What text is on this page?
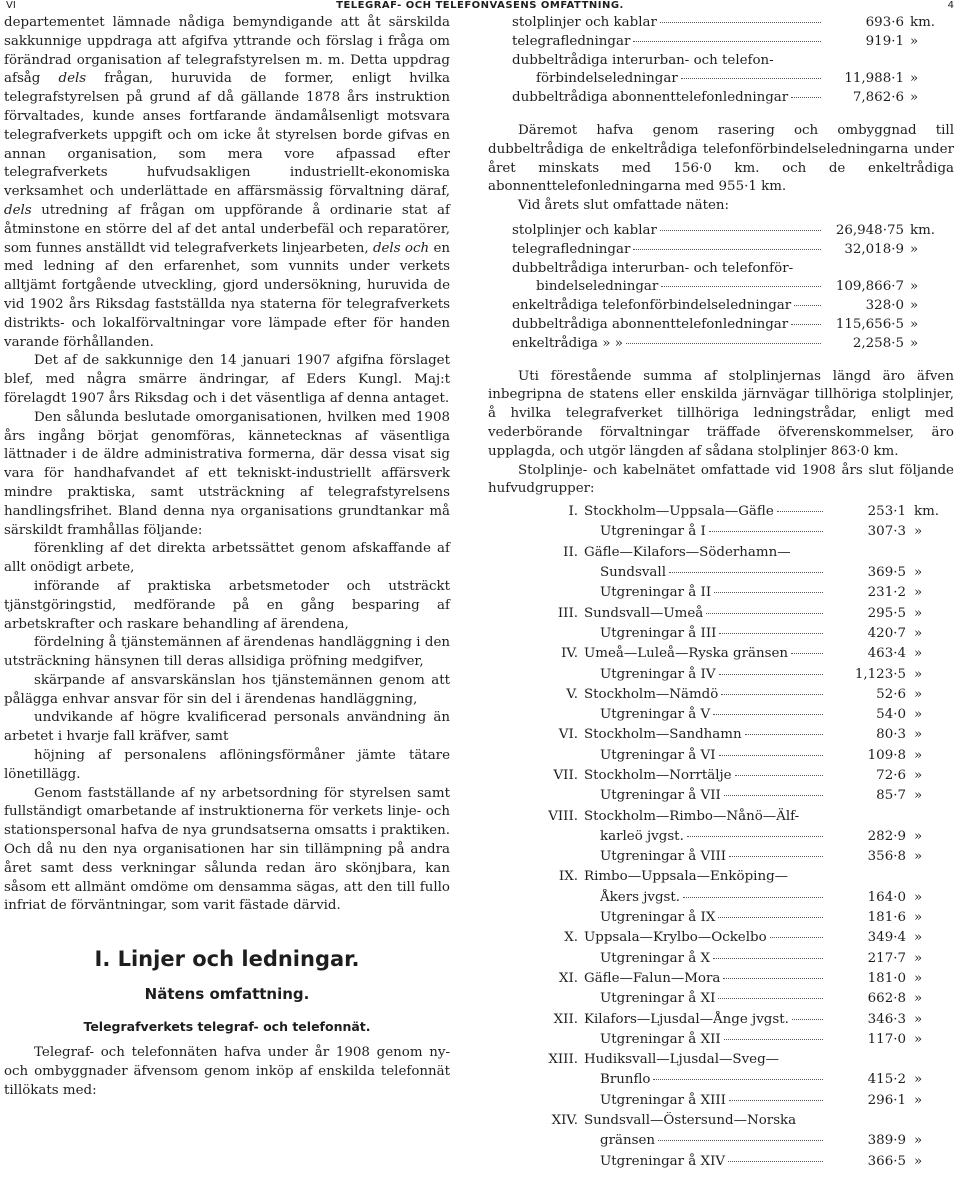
VI	TELEGRAF- OCH TELEFONVÄSENS OMFATTNING.	4

departementet lämnade nådiga bemyndigande att åt särskilda sakkunnige uppdraga att afgifva yttrande och förslag i fråga om förändrad organisation af telegrafstyrelsen m. m. Detta uppdrag afsåg dels frågan, huruvida de former, enligt hvilka telegrafstyrelsen på grund af då gällande 1878 års instruktion förvaltades, kunde anses fortfarande ändamålsenligt motsvara telegrafverkets uppgift och om icke åt styrelsen borde gifvas en annan organisation, som mera vore afpassad efter telegrafverkets hufvudsakligen industriellt-ekonomiska verksamhet och underlättade en affärsmässig förvaltning däraf, dels utredning af frågan om uppförande å ordinarie stat af åtminstone en större del af det antal underbefäl och reparatörer, som funnes anställdt vid telegrafverkets linjearbeten, dels och en med ledning af den erfarenhet, som vunnits under verkets alltjämt fortgående utveckling, gjord undersökning, huruvida de vid 1902 års Riksdag fastställda nya staterna för telegrafverkets distrikts- och lokalförvaltningar vore lämpade efter för handen varande förhållanden.

Det af de sakkunnige den 14 januari 1907 afgifna förslaget blef, med några smärre ändringar, af Eders Kungl. Maj:t förelagdt 1907 års Riksdag och i det väsentliga af denna antaget.

Den sålunda beslutade omorganisationen, hvilken med 1908 års ingång börjat genomföras, kännetecknas af väsentliga lättnader i de äldre administrativa formerna, där dessa visat sig vara för handhafvandet af ett tekniskt-industriellt affärsverk mindre praktiska, samt utsträckning af telegrafstyrelsens handlingsfrihet. Bland denna nya organisations grundtankar må särskildt framhållas följande:

förenkling af det direkta arbetssättet genom afskaffande af allt onödigt arbete,

införande af praktiska arbetsmetoder och utsträckt tjänstgöringstid, medförande på en gång besparing af arbetskrafter och raskare behandling af ärendena,

fördelning å tjänstemännen af ärendenas handläggning i den utsträckning hänsynen till deras allsidiga pröfning medgifver,

skärpande af ansvarskänslan hos tjänstemännen genom att pålägga enhvar ansvar för sin del i ärendenas handläggning,

undvikande af högre kvalificerad personals användning än arbetet i hvarje fall kräfver, samt

höjning af personalens aflöningsförmåner jämte tätare lönetillägg.

Genom fastställande af ny arbetsordning för styrelsen samt fullständigt omarbetande af instruktionerna för verkets linje- och stationspersonal hafva de nya grundsatserna omsatts i praktiken. Och då nu den nya organisationen har sin tillämpning på andra året samt dess verkningar sålunda redan äro skönjbara, kan såsom ett allmänt omdöme om densamma sägas, att den till fullo infriat de förväntningar, som varit fästade därvid.

I. Linjer och ledningar.
Nätens omfattning.
Telegrafverkets telegraf- och telefonnät.

Telegraf- och telefonnäten hafva under år 1908 genom ny- och ombyggnader äfvensom genom inköp af enskilda telefonnät tillökats med:

stolplinjer och kablar	693·6 km.
telegrafledningar	919·1 »
dubbeltrådiga interurban- och telefon-
förbindelseledningar	11,988·1 »
dubbeltrådiga abonnenttelefonledningar	7,862·6 »

Däremot hafva genom rasering och ombyggnad till dubbeltrådiga de enkeltrådiga telefonförbindelseledningarna under året minskats med 156·0 km. och de enkeltrådiga abonnenttelefonledningarna med 955·1 km.

Vid årets slut omfattade näten:

stolplinjer och kablar	26,948·75 km.
telegrafledningar	32,018·9 »
dubbeltrådiga interurban- och telefonför-
bindelseledningar	109,866·7 »
enkeltrådiga telefonförbindelseledningar	328·0 »
dubbeltrådiga abonnenttelefonledningar	115,656·5 »
enkeltrådiga » »	2,258·5 »

Uti förestående summa af stolplinjernas längd äro äfven inbegripna de statens eller enskilda järnvägar tillhöriga stolplinjer, å hvilka telegrafverket tillhöriga ledningstrådar, enligt med vederbörande förvaltningar träffade öfverenskommelser, äro upplagda, och utgör längden af sådana stolplinjer 863·0 km.

Stolplinje- och kabelnätet omfattade vid 1908 års slut följande hufvudgrupper:

I. Stockholm—Uppsala—Gäfle	253·1 km.
Utgreningar å I	307·3 »
II. Gäfle—Kilafors—Söderhamn—
Sundsvall	369·5 »
Utgreningar å II	231·2 »
III. Sundsvall—Umeå	295·5 »
Utgreningar å III	420·7 »
IV. Umeå—Luleå—Ryska gränsen	463·4 »
Utgreningar å IV	1,123·5 »
V. Stockholm—Nämdö	52·6 »
Utgreningar å V	54·0 »
VI. Stockholm—Sandhamn	80·3 »
Utgreningar å VI	109·8 »
VII. Stockholm—Norrtälje	72·6 »
Utgreningar å VII	85·7 »
VIII. Stockholm—Rimbo—Nånö—Älf-
karleö jvgst.	282·9 »
Utgreningar å VIII	356·8 »
IX. Rimbo—Uppsala—Enköping—
Åkers jvgst.	164·0 »
Utgreningar å IX	181·6 »
X. Uppsala—Krylbo—Ockelbo	349·4 »
Utgreningar å X	217·7 »
XI. Gäfle—Falun—Mora	181·0 »
Utgreningar å XI	662·8 »
XII. Kilafors—Ljusdal—Ånge jvgst.	346·3 »
Utgreningar å XII	117·0 »
XIII. Hudiksvall—Ljusdal—Sveg—
Brunflo	415·2 »
Utgreningar å XIII	296·1 »
XIV. Sundsvall—Östersund—Norska
gränsen	389·9 »
Utgreningar å XIV	366·5 »
